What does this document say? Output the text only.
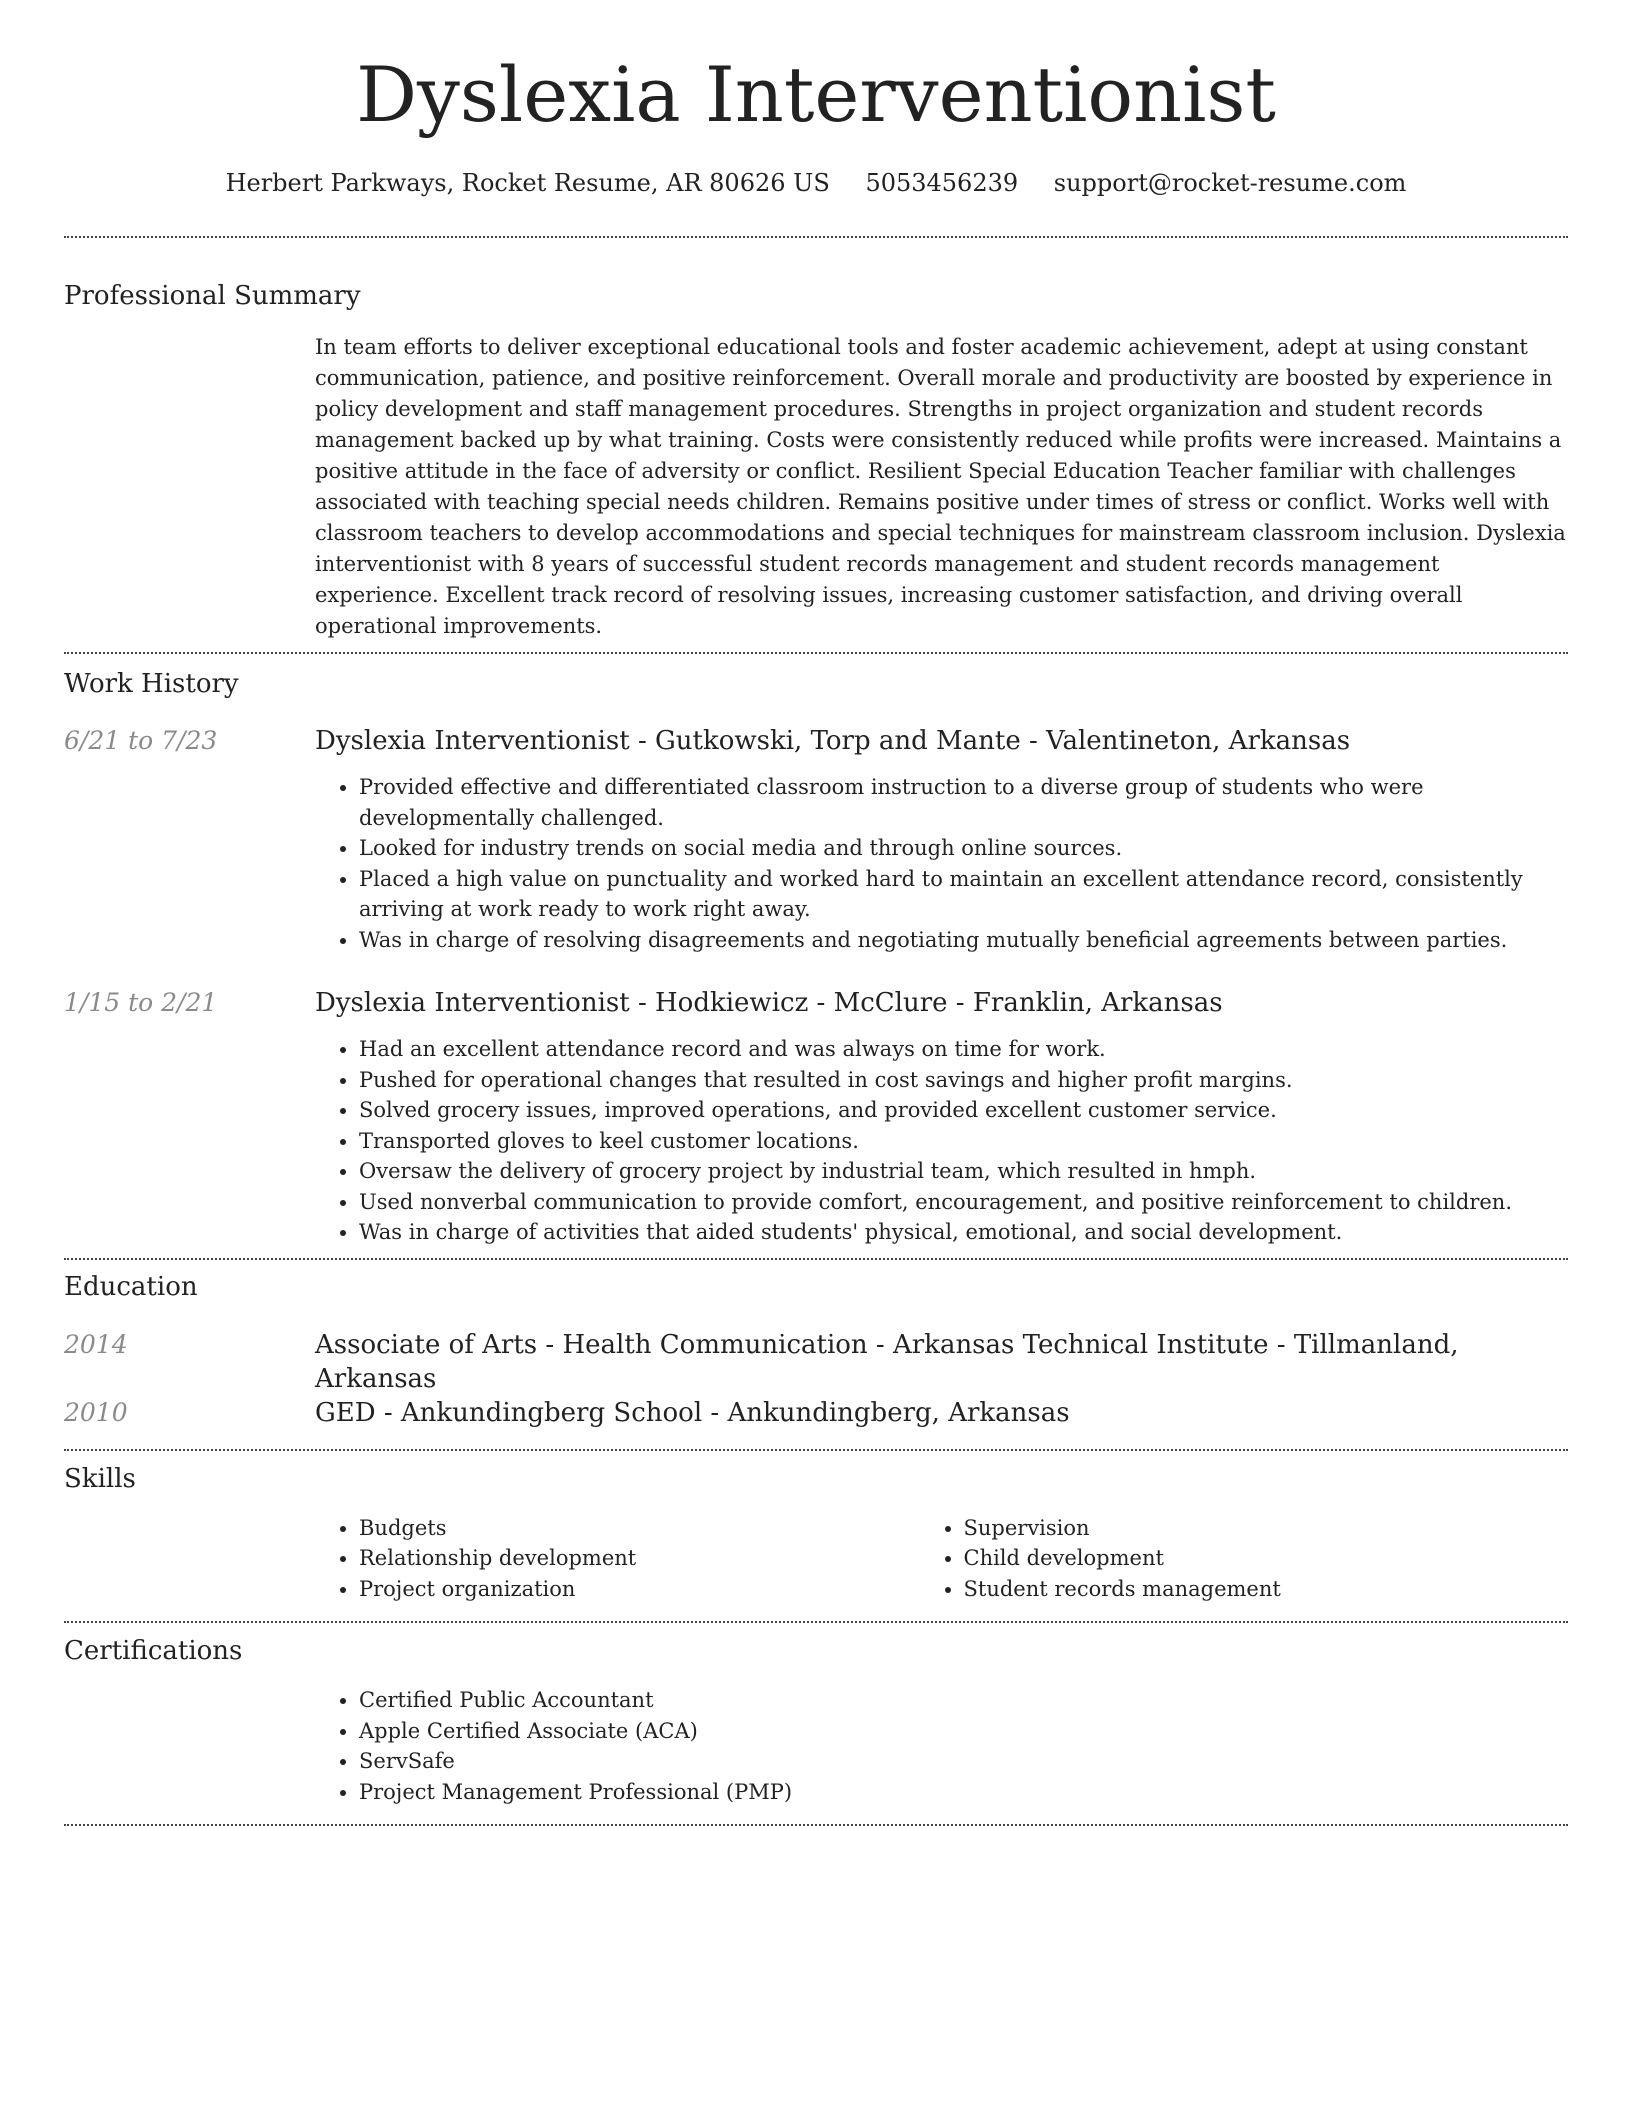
Dyslexia Interventionist
Herbert Parkways, Rocket Resume, AR 80626 US 5053456239 support@rocket-resume.com
Professional Summary
In team efforts to deliver exceptional educational tools and foster academic achievement, adept at using constant communication, patience, and positive reinforcement. Overall morale and productivity are boosted by experience in policy development and staff management procedures. Strengths in project organization and student records management backed up by what training. Costs were consistently reduced while profits were increased. Maintains a positive attitude in the face of adversity or conflict. Resilient Special Education Teacher familiar with challenges associated with teaching special needs children. Remains positive under times of stress or conflict. Works well with classroom teachers to develop accommodations and special techniques for mainstream classroom inclusion. Dyslexia interventionist with 8 years of successful student records management and student records management experience. Excellent track record of resolving issues, increasing customer satisfaction, and driving overall operational improvements.
Work History
6/21 to 7/23	Dyslexia Interventionist - Gutkowski, Torp and Mante - Valentineton, Arkansas
• Provided effective and differentiated classroom instruction to a diverse group of students who were developmentally challenged.
• Looked for industry trends on social media and through online sources.
• Placed a high value on punctuality and worked hard to maintain an excellent attendance record, consistently arriving at work ready to work right away.
• Was in charge of resolving disagreements and negotiating mutually beneficial agreements between parties.
1/15 to 2/21	Dyslexia Interventionist - Hodkiewicz - McClure - Franklin, Arkansas
• Had an excellent attendance record and was always on time for work.
• Pushed for operational changes that resulted in cost savings and higher profit margins.
• Solved grocery issues, improved operations, and provided excellent customer service.
• Transported gloves to keel customer locations.
• Oversaw the delivery of grocery project by industrial team, which resulted in hmph.
• Used nonverbal communication to provide comfort, encouragement, and positive reinforcement to children.
• Was in charge of activities that aided students' physical, emotional, and social development.
Education
2014	Associate of Arts - Health Communication - Arkansas Technical Institute - Tillmanland, Arkansas
2010	GED - Ankundingberg School - Ankundingberg, Arkansas
Skills
• Budgets
• Relationship development
• Project organization
• Supervision
• Child development
• Student records management
Certifications
• Certified Public Accountant
• Apple Certified Associate (ACA)
• ServSafe
• Project Management Professional (PMP)
